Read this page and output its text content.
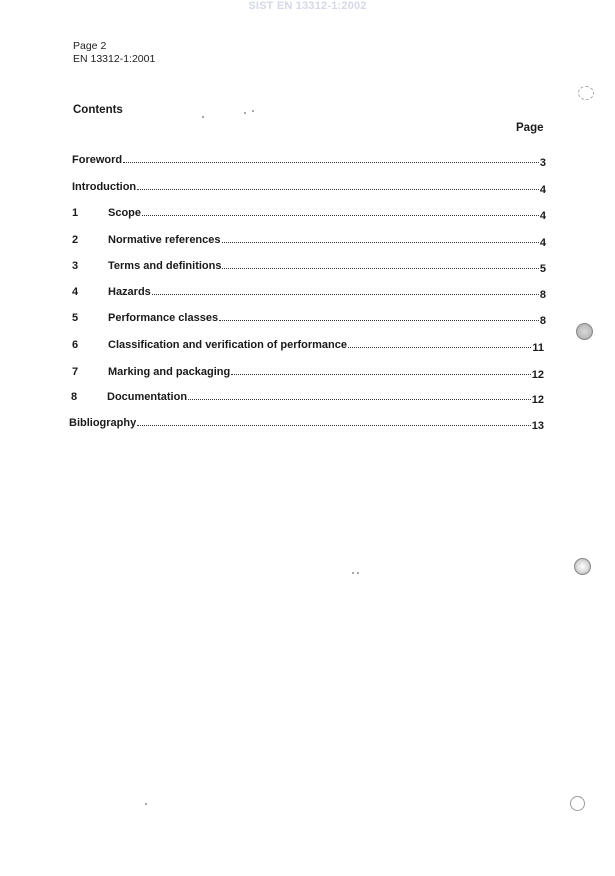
SIST EN 13312-1:2002
Page 2
EN 13312-1:2001
Contents
Page
Foreword	3
Introduction	4
1	Scope	4
2	Normative references	4
3	Terms and definitions	5
4	Hazards	8
5	Performance classes	8
6	Classification and verification of performance	11
7	Marking and packaging	12
8	Documentation	12
Bibliography	13
